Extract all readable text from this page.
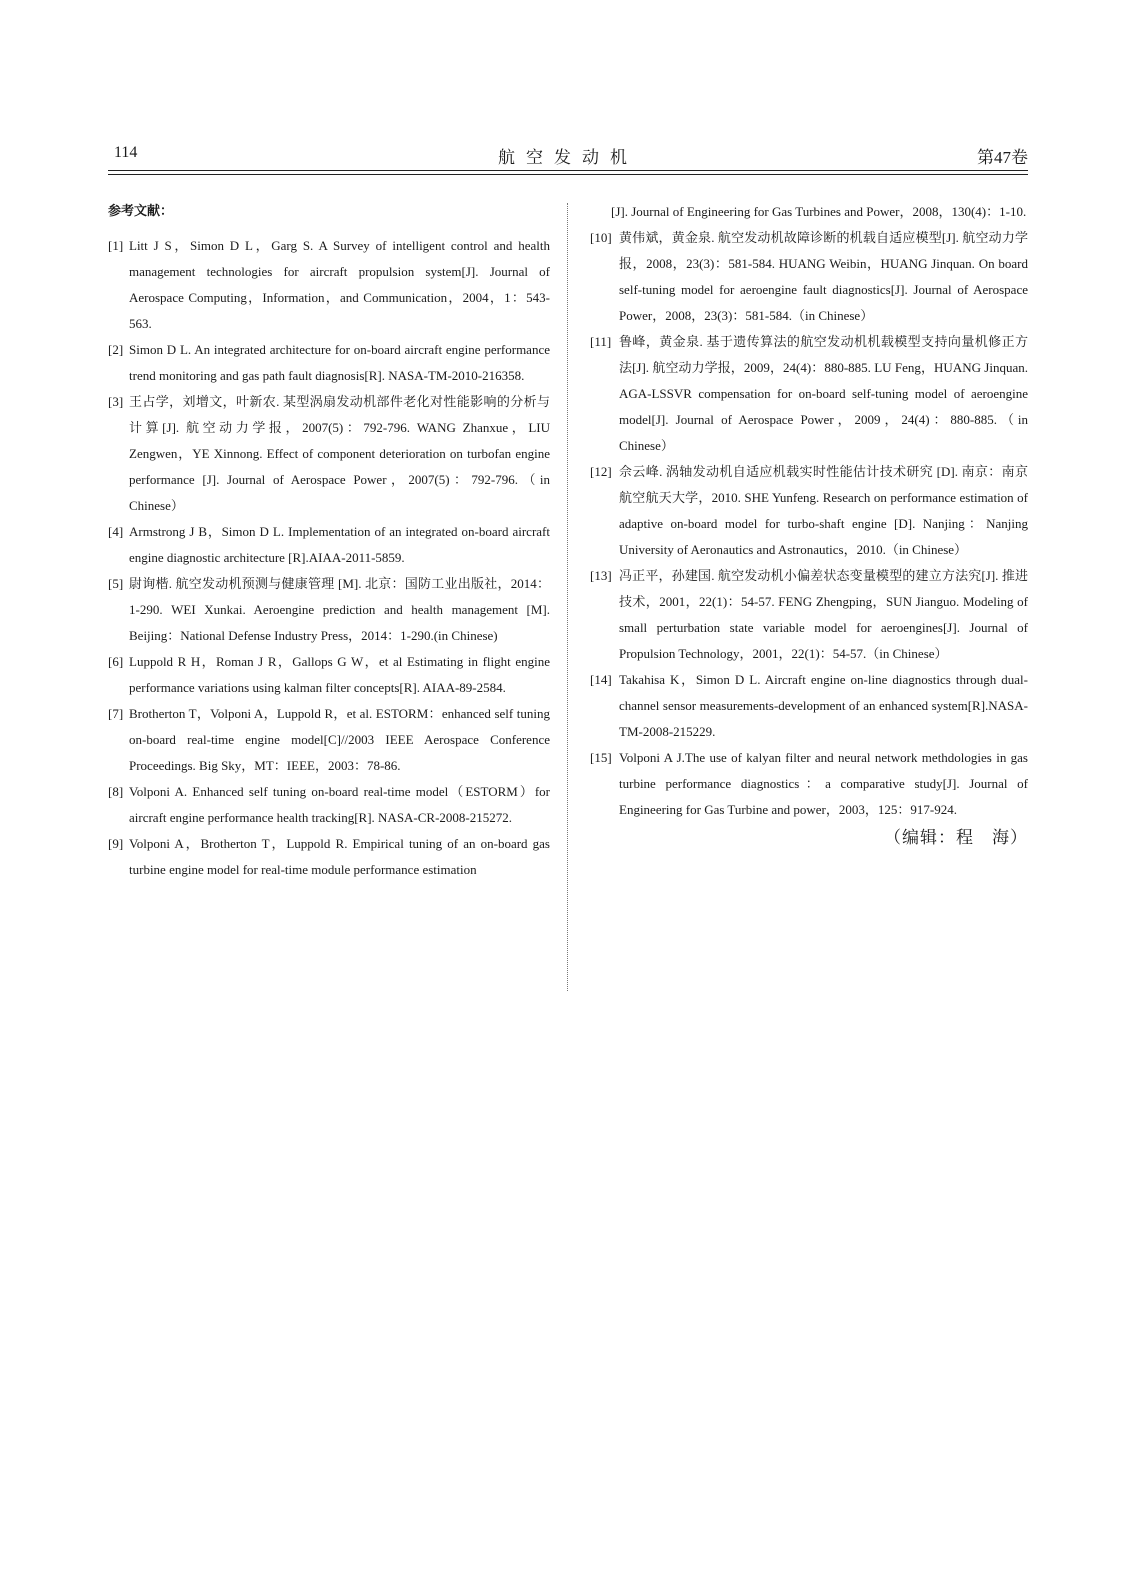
114	航空发动机	第47卷
参考文献：
[1] Litt J S，Simon D L，Garg S. A Survey of intelligent control and health management technologies for aircraft propulsion system[J]. Journal of Aerospace Computing，Information，and Communication，2004，1：543-563.
[2] Simon D L. An integrated architecture for on-board aircraft engine performance trend monitoring and gas path fault diagnosis[R]. NASA-TM-2010-216358.
[3] 王占学，刘增文，叶新农. 某型涡扇发动机部件老化对性能影响的分析与计算[J]. 航空动力学报，2007(5)：792-796. WANG Zhanxue，LIU Zengwen，YE Xinnong. Effect of component deterioration on turbofan engine performance [J]. Journal of Aerospace Power，2007(5)：792-796.（in Chinese）
[4] Armstrong J B，Simon D L. Implementation of an integrated on-board aircraft engine diagnostic architecture [R].AIAA-2011-5859.
[5] 尉询楷. 航空发动机预测与健康管理 [M]. 北京：国防工业出版社，2014：1-290. WEI Xunkai. Aeroengine prediction and health management [M]. Beijing：National Defense Industry Press，2014：1-290.(in Chinese)
[6] Luppold R H，Roman J R，Gallops G W，et al Estimating in flight engine performance variations using kalman filter concepts[R]. AIAA-89-2584.
[7] Brotherton T，Volponi A，Luppold R，et al. ESTORM：enhanced self tuning on-board real-time engine model[C]//2003 IEEE Aerospace Conference Proceedings. Big Sky，MT：IEEE，2003：78-86.
[8] Volponi A. Enhanced self tuning on-board real-time model（ESTORM）for aircraft engine performance health tracking[R]. NASA-CR-2008-215272.
[9] Volponi A，Brotherton T，Luppold R. Empirical tuning of an on-board gas turbine engine model for real-time module performance estimation
[J]. Journal of Engineering for Gas Turbines and Power，2008，130(4)：1-10.
[10] 黄伟斌，黄金泉. 航空发动机故障诊断的机载自适应模型[J]. 航空动力学报，2008，23(3)：581-584. HUANG Weibin，HUANG Jinquan. On board self-tuning model for aeroengine fault diagnostics[J]. Journal of Aerospace Power，2008，23(3)：581-584.（in Chinese）
[11] 鲁峰，黄金泉. 基于遗传算法的航空发动机机载模型支持向量机修正方法[J]. 航空动力学报，2009，24(4)：880-885. LU Feng，HUANG Jinquan. AGA-LSSVR compensation for on-board self-tuning model of aeroengine model[J]. Journal of Aerospace Power，2009，24(4)：880-885.（in Chinese）
[12] 佘云峰. 涡轴发动机自适应机载实时性能估计技术研究 [D]. 南京：南京航空航天大学，2010. SHE Yunfeng. Research on performance estimation of adaptive on-board model for turbo-shaft engine [D]. Nanjing：Nanjing University of Aeronautics and Astronautics，2010.（in Chinese）
[13] 冯正平，孙建国. 航空发动机小偏差状态变量模型的建立方法究[J]. 推进技术，2001，22(1)：54-57. FENG Zhengping，SUN Jianguo. Modeling of small perturbation state variable model for aeroengines[J]. Journal of Propulsion Technology，2001，22(1)：54-57.（in Chinese）
[14] Takahisa K，Simon D L. Aircraft engine on-line diagnostics through dual-channel sensor measurements-development of an enhanced system[R].NASA-TM-2008-215229.
[15] Volponi A J.The use of kalyan filter and neural network methdologies in gas turbine performance diagnostics：a comparative study[J]. Journal of Engineering for Gas Turbine and power，2003，125：917-924.
（编辑：程　海）
